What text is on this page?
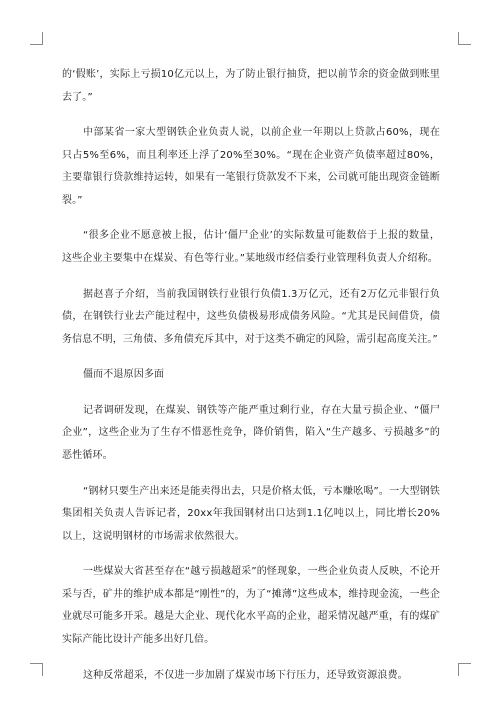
的‘假账’，实际上亏损10亿元以上，为了防止银行抽贷，把以前节余的资金做到账里去了。”

中部某省一家大型钢铁企业负责人说，以前企业一年期以上贷款占60%，现在只占5%至6%，而且利率还上浮了20%至30%。“现在企业资产负债率超过80%，主要靠银行贷款维持运转，如果有一笔银行贷款发不下来，公司就可能出现资金链断裂。”

“很多企业不愿意被上报，估计‘僵尸企业’的实际数量可能数倍于上报的数量，这些企业主要集中在煤炭、有色等行业。”某地级市经信委行业管理科负责人介绍称。

据赵喜子介绍，当前我国钢铁行业银行负债1.3万亿元，还有2万亿元非银行负债，在钢铁行业去产能过程中，这些负债极易形成债务风险。“尤其是民间借贷，债务信息不明，三角债、多角债充斥其中，对于这类不确定的风险，需引起高度关注。”

僵而不退原因多面

记者调研发现，在煤炭、钢铁等产能严重过剩行业，存在大量亏损企业、“僵尸企业”，这些企业为了生存不惜恶性竞争，降价销售，陷入“生产越多、亏损越多”的恶性循环。

“钢材只要生产出来还是能卖得出去，只是价格太低，亏本赚吆喝”。一大型钢铁集团相关负责人告诉记者，20xx年我国钢材出口达到1.1亿吨以上，同比增长20%以上，这说明钢材的市场需求依然很大。

一些煤炭大省甚至存在“越亏损越超采”的怪现象，一些企业负责人反映，不论开采与否，矿井的维护成本都是“刚性”的，为了“摊薄”这些成本，维持现金流，一些企业就尽可能多开采。越是大企业、现代化水平高的企业，超采情况越严重，有的煤矿实际产能比设计产能多出好几倍。

这种反常超采，不仅进一步加剧了煤炭市场下行压力，还导致资源浪费。
